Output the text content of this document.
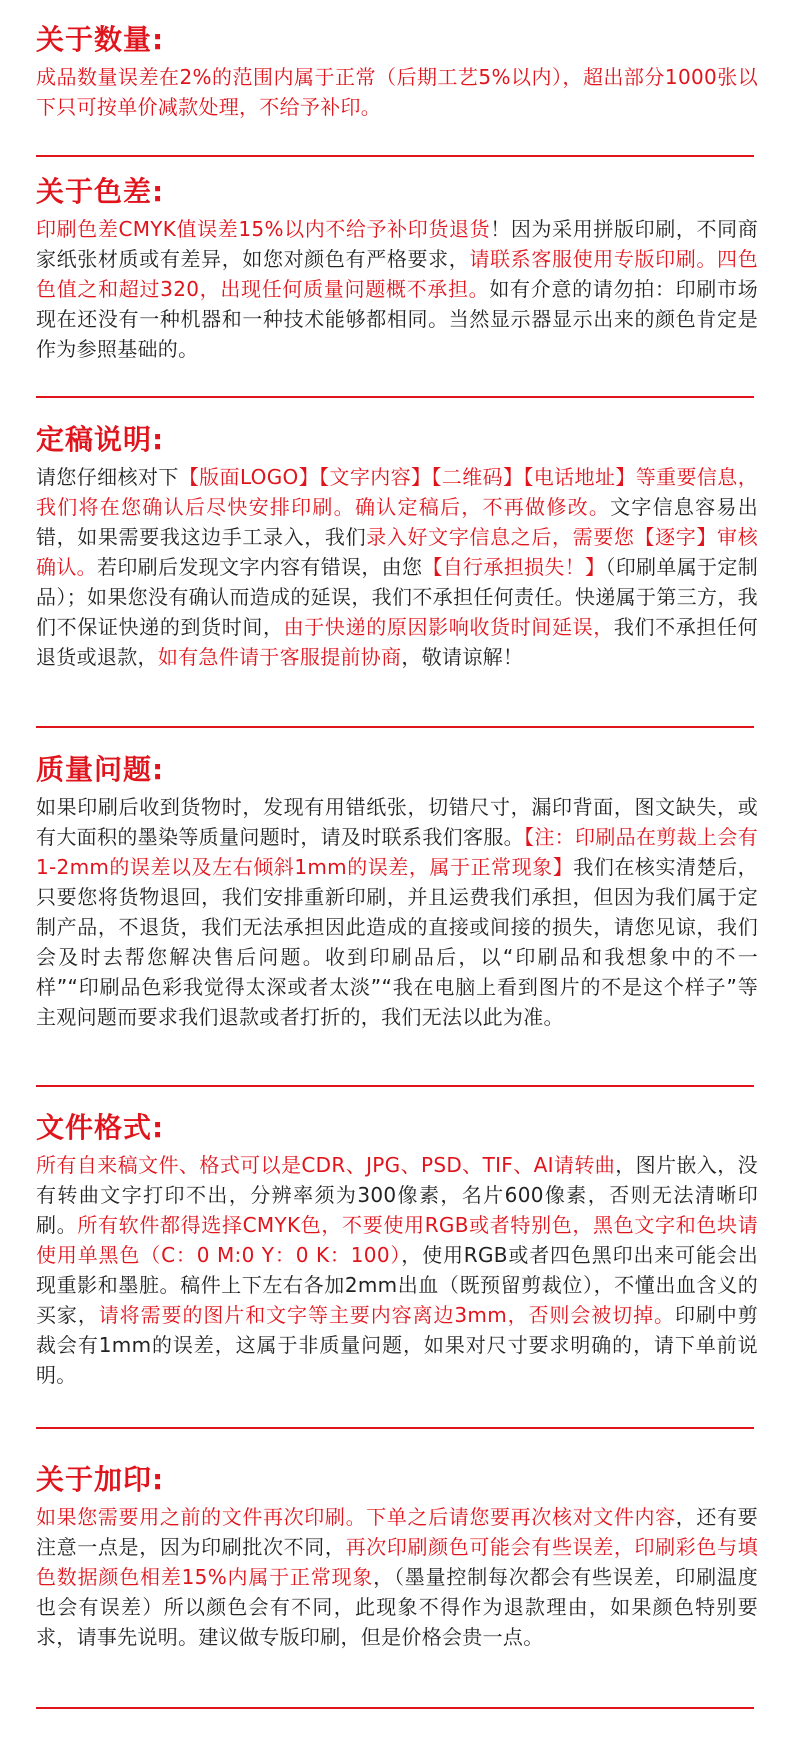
关于数量:

成品数量误差在2%的范围内属于正常（后期工艺5%以内），超出部分1000张以下只可按单价减款处理，不给予补印。

关于色差:

印刷色差CMYK值误差15%以内不给予补印货退货！因为采用拼版印刷，不同商家纸张材质或有差异，如您对颜色有严格要求，请联系客服使用专版印刷。四色色值之和超过320，出现任何质量问题概不承担。如有介意的请勿拍：印刷市场现在还没有一种机器和一种技术能够都相同。当然显示器显示出来的颜色肯定是作为参照基础的。

定稿说明:

请您仔细核对下【版面LOGO】【文字内容】【二维码】【电话地址】等重要信息，我们将在您确认后尽快安排印刷。确认定稿后，不再做修改。文字信息容易出错，如果需要我这边手工录入，我们录入好文字信息之后，需要您【逐字】审核确认。若印刷后发现文字内容有错误，由您【自行承担损失！】（印刷单属于定制品）；如果您没有确认而造成的延误，我们不承担任何责任。快递属于第三方，我们不保证快递的到货时间，由于快递的原因影响收货时间延误，我们不承担任何退货或退款，如有急件请于客服提前协商，敬请谅解！

质量问题:

如果印刷后收到货物时，发现有用错纸张，切错尺寸，漏印背面，图文缺失，或有大面积的墨染等质量问题时，请及时联系我们客服。【注：印刷品在剪裁上会有1-2mm的误差以及左右倾斜1mm的误差，属于正常现象】我们在核实清楚后，只要您将货物退回，我们安排重新印刷，并且运费我们承担，但因为我们属于定制产品，不退货，我们无法承担因此造成的直接或间接的损失，请您见谅，我们会及时去帮您解决售后问题。收到印刷品后，以“印刷品和我想象中的不一样”“印刷品色彩我觉得太深或者太淡”“我在电脑上看到图片的不是这个样子”等主观问题而要求我们退款或者打折的，我们无法以此为准。

文件格式:

所有自来稿文件、格式可以是CDR、JPG、PSD、TIF、AI请转曲，图片嵌入，没有转曲文字打印不出，分辨率须为300像素，名片600像素，否则无法清晰印刷。所有软件都得选择CMYK色，不要使用RGB或者特别色，黑色文字和色块请使用单黑色（C：0 M:0 Y：0 K：100），使用RGB或者四色黑印出来可能会出现重影和墨脏。稿件上下左右各加2mm出血（既预留剪裁位），不懂出血含义的买家，请将需要的图片和文字等主要内容离边3mm，否则会被切掉。印刷中剪裁会有1mm的误差，这属于非质量问题，如果对尺寸要求明确的，请下单前说明。

关于加印:

如果您需要用之前的文件再次印刷。下单之后请您要再次核对文件内容，还有要注意一点是，因为印刷批次不同，再次印刷颜色可能会有些误差，印刷彩色与填色数据颜色相差15%内属于正常现象，（墨量控制每次都会有些误差，印刷温度也会有误差）所以颜色会有不同，此现象不得作为退款理由，如果颜色特别要求，请事先说明。建议做专版印刷，但是价格会贵一点。
